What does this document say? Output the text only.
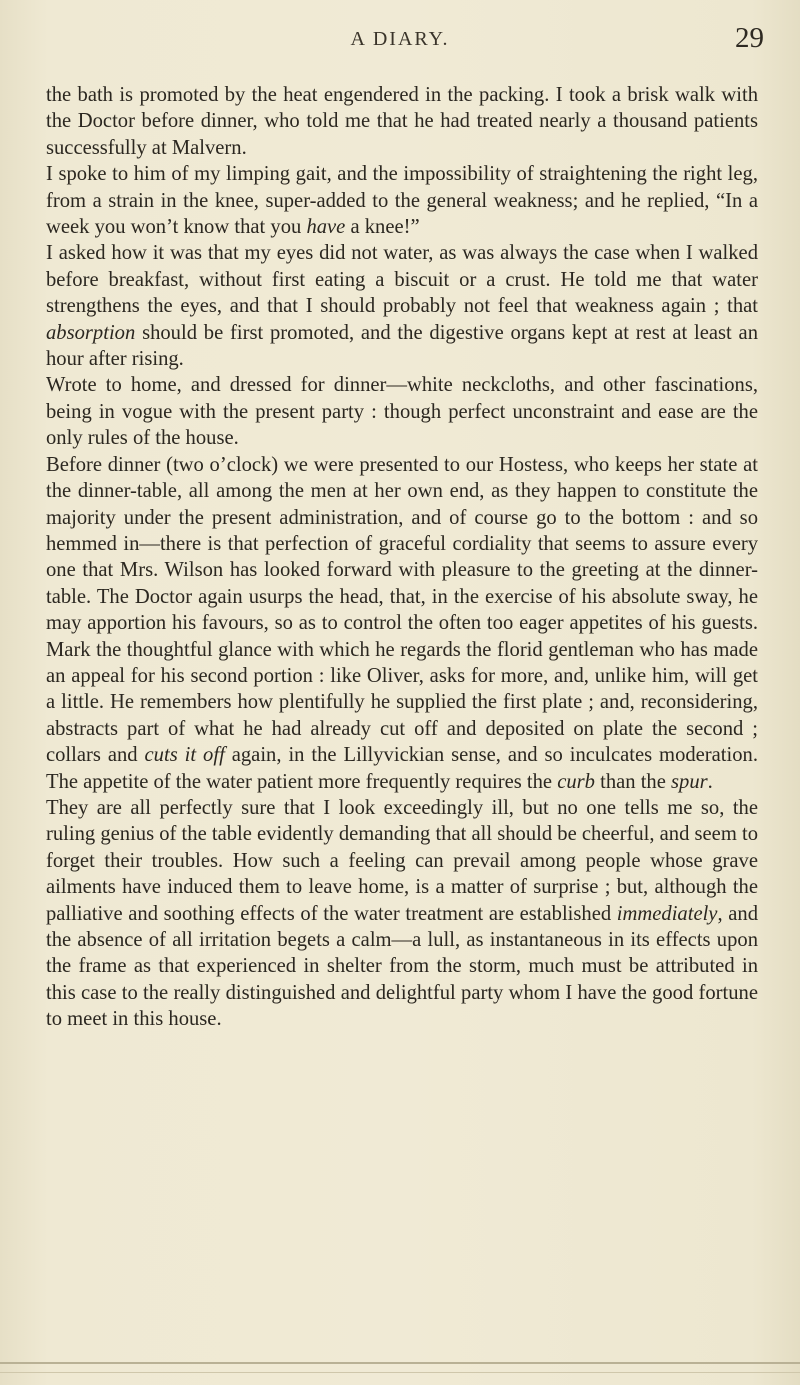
A DIARY.	29

the bath is promoted by the heat engendered in the packing. I took a brisk walk with the Doctor before dinner, who told me that he had treated nearly a thousand patients successfully at Malvern.

I spoke to him of my limping gait, and the impossibility of straightening the right leg, from a strain in the knee, super-added to the general weakness; and he replied, “In a week you won’t know that you have a knee!”

I asked how it was that my eyes did not water, as was always the case when I walked before breakfast, without first eating a biscuit or a crust. He told me that water strengthens the eyes, and that I should probably not feel that weakness again ; that absorption should be first promoted, and the digestive organs kept at rest at least an hour after rising.

Wrote to home, and dressed for dinner—white neckcloths, and other fascinations, being in vogue with the present party : though perfect unconstraint and ease are the only rules of the house.

Before dinner (two o’clock) we were presented to our Hostess, who keeps her state at the dinner-table, all among the men at her own end, as they happen to constitute the majority under the present administration, and of course go to the bottom : and so hemmed in—there is that perfection of graceful cordiality that seems to assure every one that Mrs. Wilson has looked forward with pleasure to the greeting at the dinner-table. The Doctor again usurps the head, that, in the exercise of his absolute sway, he may apportion his favours, so as to control the often too eager appetites of his guests. Mark the thoughtful glance with which he regards the florid gentleman who has made an appeal for his second portion : like Oliver, asks for more, and, unlike him, will get a little. He remembers how plentifully he supplied the first plate ; and, reconsidering, abstracts part of what he had already cut off and deposited on plate the second ; collars and cuts it off again, in the Lillyvickian sense, and so inculcates moderation. The appetite of the water patient more frequently requires the curb than the spur.

They are all perfectly sure that I look exceedingly ill, but no one tells me so, the ruling genius of the table evidently demanding that all should be cheerful, and seem to forget their troubles. How such a feeling can prevail among people whose grave ailments have induced them to leave home, is a matter of surprise ; but, although the palliative and soothing effects of the water treatment are established immediately, and the absence of all irritation begets a calm—a lull, as instantaneous in its effects upon the frame as that experienced in shelter from the storm, much must be attributed in this case to the really distinguished and delightful party whom I have the good fortune to meet in this house.
